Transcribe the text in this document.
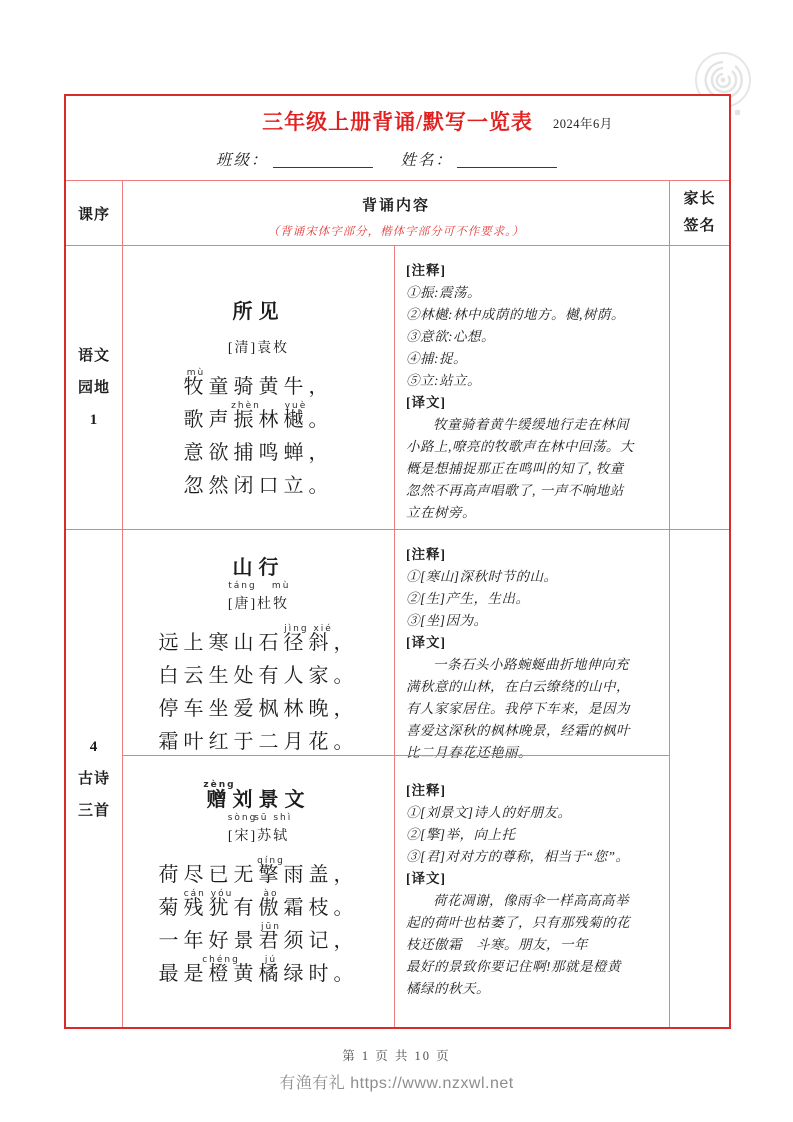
三年级上册背诵/默写一览表	2024年6月
班级：	姓名：
课序
背诵内容
（背诵宋体字部分，楷体字部分可不作要求。）
家长
签名
语文
园地
1
所见
[清]袁枚
mù
牧 童骑黄牛，
歌声
zhèn
振 林
yuè
樾 。
意欲捕鸣蝉，
忽然闭口立。
[注释]
①振:震荡。
②林樾:林中成荫的地方。樾,树荫。
③意欲:心想。
④捕:捉。
⑤立:站立。
[译文]
牧童骑着黄牛缓缓地行走在林间
小路上,嘹亮的牧歌声在林中回荡。大
概是想捕捉那正在鸣叫的知了, 牧童
忽然不再高声唱歌了, 一声不响地站
立在树旁。
4
古诗
三首
山行
[
táng
唐 ]杜
mù
牧
远上寒山石
jìng xié
径斜 ，
白云生处有人家。
停车坐爱枫林晚，
霜叶红于二月花。
[注释]
①[寒山]深秋时节的山。
②[生]产生，生出。
③[坐]因为。
[译文]
一条石头小路蜿蜒曲折地伸向充
满秋意的山林，在白云缭绕的山中，
有人家家居住。我停下车来，是因为
喜爱这深秋的枫林晚景，经霜的枫叶
比二月春花还艳丽。
zèng
赠 刘景文
[
sòng
宋 ]
sū shì
苏轼
荷尽已无
qíng
擎 雨盖，
菊
cán yóu
残犹 有
ào
傲 霜枝。
一年好景
jūn
君 须记，
最是
chéng
橙 黄
jú
橘 绿时。
[注释]
①[刘景文]诗人的好朋友。
②[擎]举，向上托
③[君]对对方的尊称，相当于“您”。
[译文]
荷花凋谢，像雨伞一样高高高举
起的荷叶也枯萎了，只有那残菊的花
枝还傲霜　斗寒。朋友，一年
最好的景致你要记住啊!那就是橙黄
橘绿的秋天。
第 1 页 共 10 页
有渔有礼 https://www.nzxwl.net
